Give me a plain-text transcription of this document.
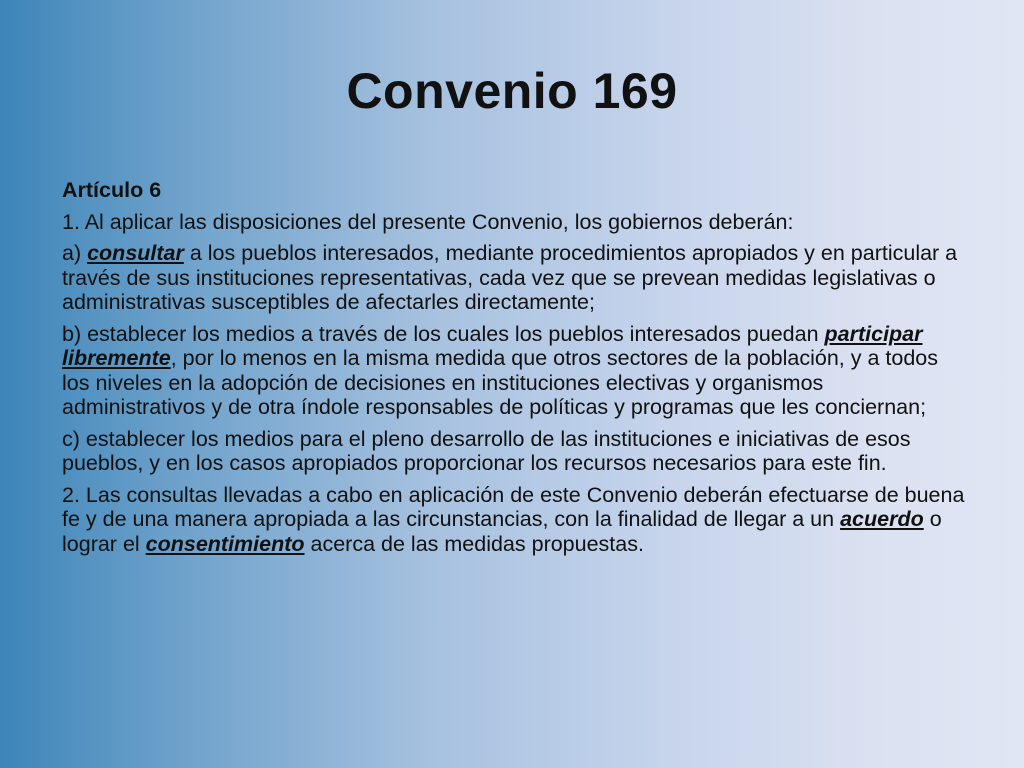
Convenio 169

Artículo 6

1. Al aplicar las disposiciones del presente Convenio, los gobiernos deberán:

a) consultar a los pueblos interesados, mediante procedimientos apropiados y en particular a través de sus instituciones representativas, cada vez que se prevean medidas legislativas o administrativas susceptibles de afectarles directamente;

b) establecer los medios a través de los cuales los pueblos interesados puedan participar libremente, por lo menos en la misma medida que otros sectores de la población, y a todos los niveles en la adopción de decisiones en instituciones electivas y organismos administrativos y de otra índole responsables de políticas y programas que les conciernan;

c) establecer los medios para el pleno desarrollo de las instituciones e iniciativas de esos pueblos, y en los casos apropiados proporcionar los recursos necesarios para este fin.

2. Las consultas llevadas a cabo en aplicación de este Convenio deberán efectuarse de buena fe y de una manera apropiada a las circunstancias, con la finalidad de llegar a un acuerdo o lograr el consentimiento acerca de las medidas propuestas.
